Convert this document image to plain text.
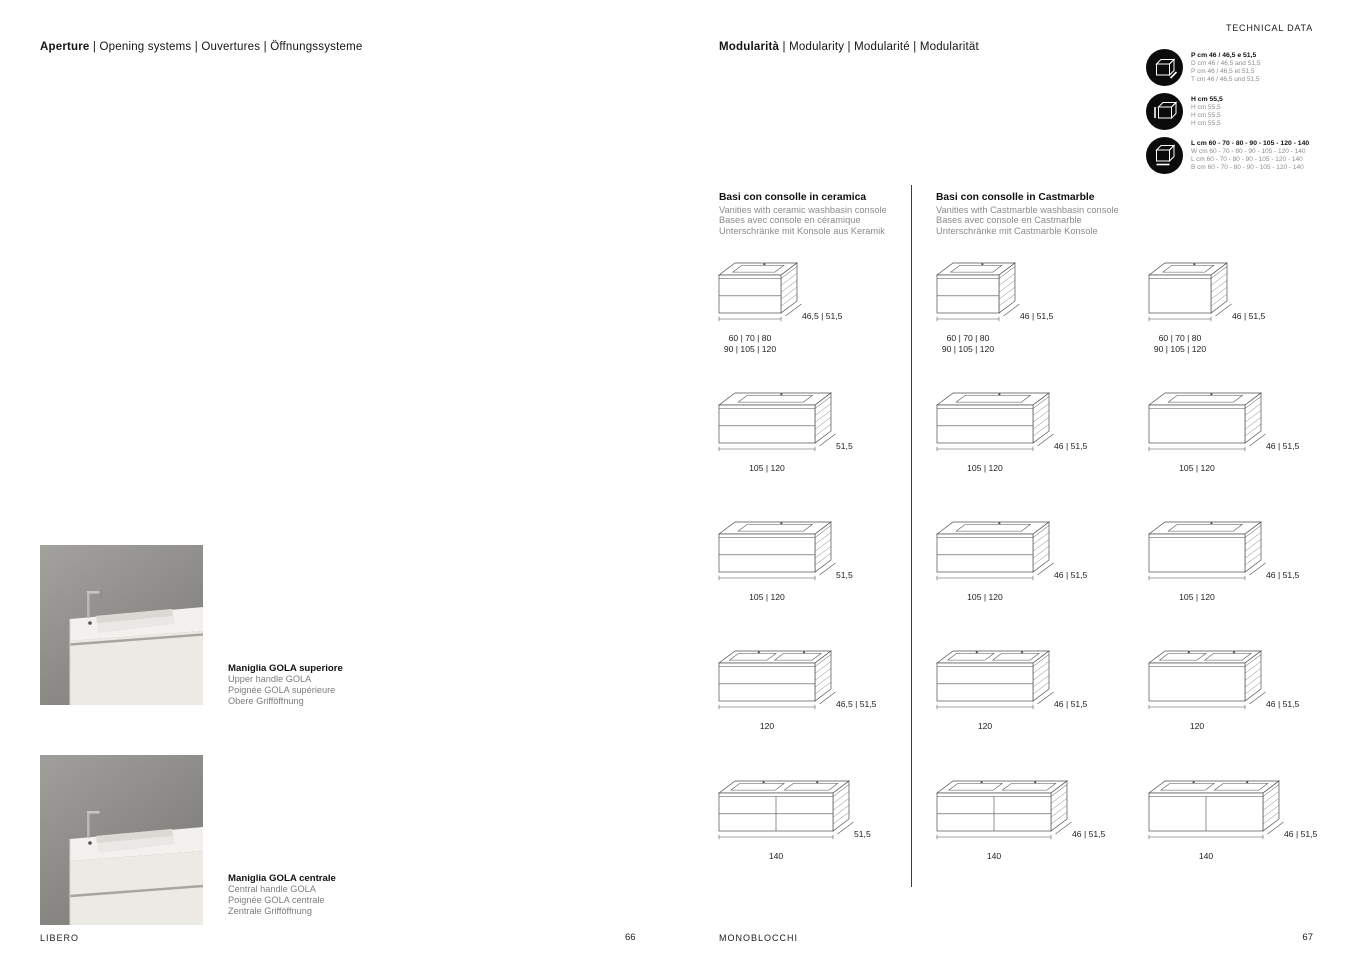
TECHNICAL DATA
Aperture | Opening systems | Ouvertures | Öffnungssysteme	Modularità | Modularity | Modularité | Modularität
P cm 46 / 46,5 e 51,5
D cm 46 / 46,5 and 51,5
P cm 46 / 46,5 et 51,5
T cm 46 / 46,5 und 51,5
H cm 55,5
H cm 55,5
H cm 55,5
H cm 55,5
L cm 60 - 70 - 80 - 90 - 105 - 120 - 140
W cm 60 - 70 - 80 - 90 - 105 - 120 - 140
L cm 60 - 70 - 80 - 90 - 105 - 120 - 140
B cm 60 - 70 - 80 - 90 - 105 - 120 - 140
Basi con consolle in ceramica
Vanities with ceramic washbasin console
Bases avec console en céramique
Unterschränke mit Konsole aus Keramik
Basi con consolle in Castmarble
Vanities with Castmarble washbasin console
Bases avec console en Castmarble
Unterschränke mit Castmarble Konsole
46,5 | 51,5
60 | 70 | 80
90 | 105 | 120
51,5
105 | 120
51,5
105 | 120
46,5 | 51,5
120
51,5
140
46 | 51,5
60 | 70 | 80
90 | 105 | 120
46 | 51,5
105 | 120
46 | 51,5
105 | 120
46 | 51,5
120
46 | 51,5
140
46 | 51,5
60 | 70 | 80
90 | 105 | 120
46 | 51,5
105 | 120
46 | 51,5
105 | 120
46 | 51,5
120
46 | 51,5
140
Maniglia GOLA superiore
Upper handle GOLA
Poignée GOLA supérieure
Obere Grifföffnung
Maniglia GOLA centrale
Central handle GOLA
Poignée GOLA centrale
Zentrale Grifföffnung
LIBERO	66	MONOBLOCCHI	67
